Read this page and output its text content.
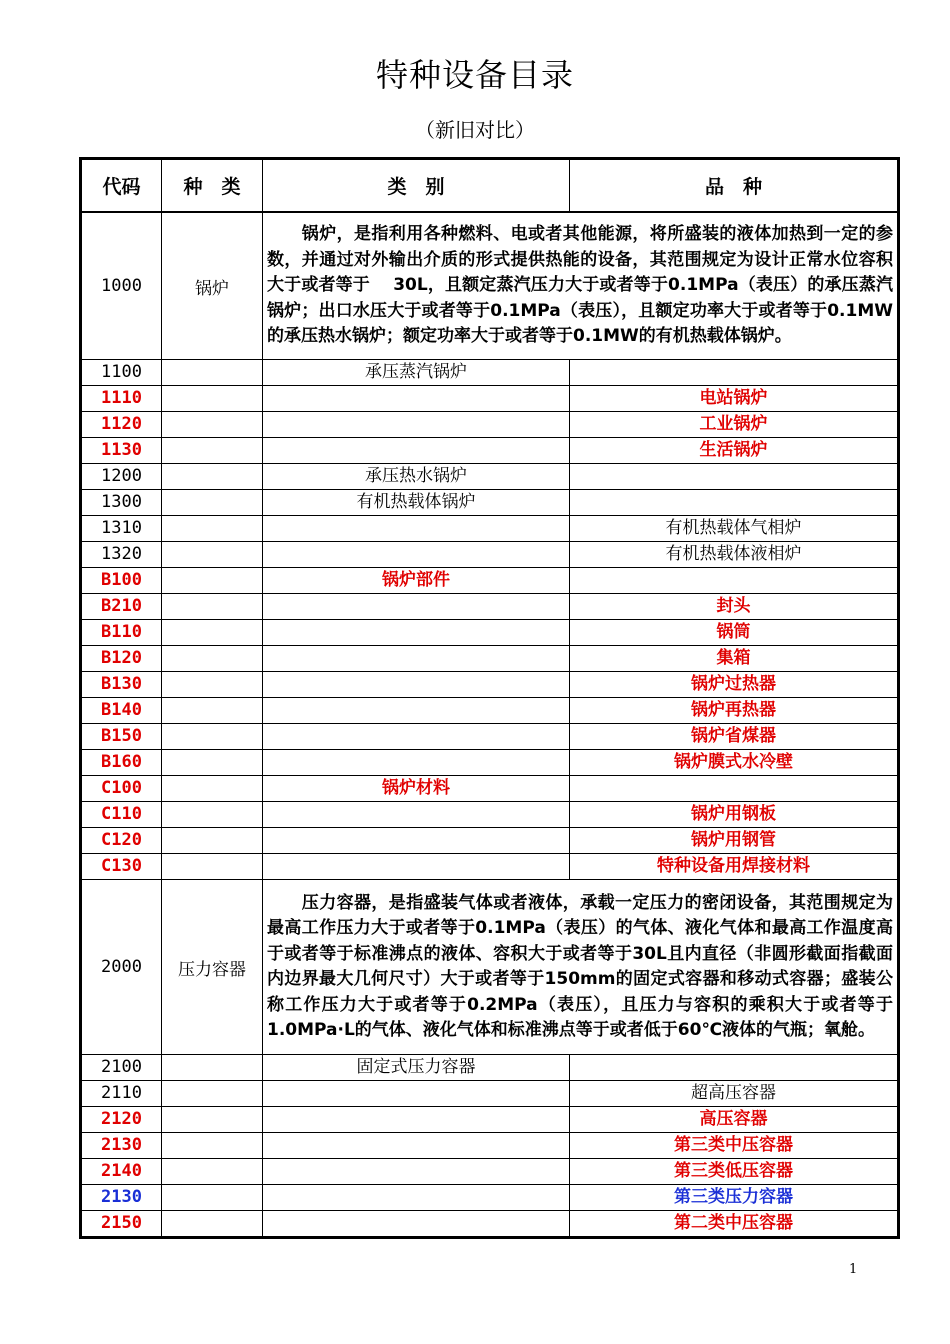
特种设备目录
（新旧对比）
代码	种　类	类　别	品　种
1000	锅炉	　　锅炉，是指利用各种燃料、电或者其他能源，将所盛装的液体加热到一定的参数，并通过对外输出介质的形式提供热能的设备，其范围规定为设计正常水位容积大于或者等于　 30L，且额定蒸汽压力大于或者等于0.1MPa（表压）的承压蒸汽锅炉；出口水压大于或者等于0.1MPa（表压），且额定功率大于或者等于0.1MW的承压热水锅炉；额定功率大于或者等于0.1MW的有机热载体锅炉。	
1100		承压蒸汽锅炉	
1110			电站锅炉
1120			工业锅炉
1130			生活锅炉
1200		承压热水锅炉	
1300		有机热载体锅炉	
1310			有机热载体气相炉
1320			有机热载体液相炉
B100		锅炉部件	
B210			封头
B110			锅筒
B120			集箱
B130			锅炉过热器
B140			锅炉再热器
B150			锅炉省煤器
B160			锅炉膜式水冷壁
C100		锅炉材料	
C110			锅炉用钢板
C120			锅炉用钢管
C130			特种设备用焊接材料
2000	压力容器	　　压力容器，是指盛装气体或者液体，承载一定压力的密闭设备，其范围规定为最高工作压力大于或者等于0.1MPa（表压）的气体、液化气体和最高工作温度高于或者等于标准沸点的液体、容积大于或者等于30L且内直径（非圆形截面指截面内边界最大几何尺寸）大于或者等于150mm的固定式容器和移动式容器；盛装公称工作压力大于或者等于0.2MPa（表压），且压力与容积的乘积大于或者等于1.0MPa·L的气体、液化气体和标准沸点等于或者低于60℃液体的气瓶；氧舱。	
2100		固定式压力容器	
2110			超高压容器
2120			高压容器
2130			第三类中压容器
2140			第三类低压容器
2130			第三类压力容器
2150			第二类中压容器
1
